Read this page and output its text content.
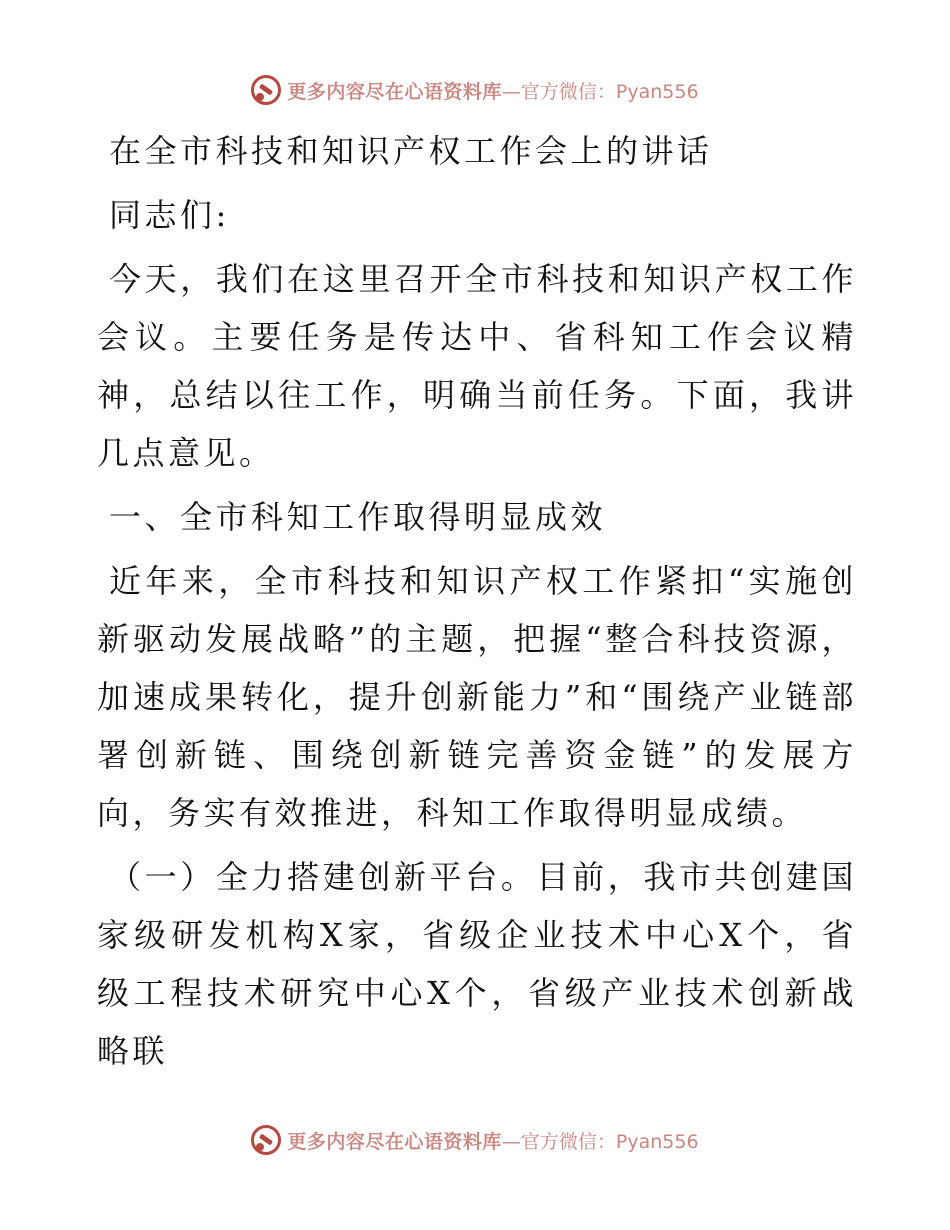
更多内容尽在心语资料库 —官方微信：Pyan556
在全市科技和知识产权工作会上的讲话
同志们:
今天，我们在这里召开全市科技和知识产权工作会议。主要任务是传达中、省科知工作会议精神，总结以往工作，明确当前任务。下面，我讲几点意见。
一、全市科知工作取得明显成效
近年来，全市科技和知识产权工作紧扣“实施创新驱动发展战略”的主题，把握“整合科技资源，加速成果转化，提升创新能力”和“围绕产业链部署创新链、围绕创新链完善资金链”的发展方向，务实有效推进，科知工作取得明显成绩。
（一）全力搭建创新平台。目前，我市共创建国家级研发机构X家，省级企业技术中心X个，省级工程技术研究中心X个，省级产业技术创新战略联
更多内容尽在心语资料库 —官方微信：Pyan556
